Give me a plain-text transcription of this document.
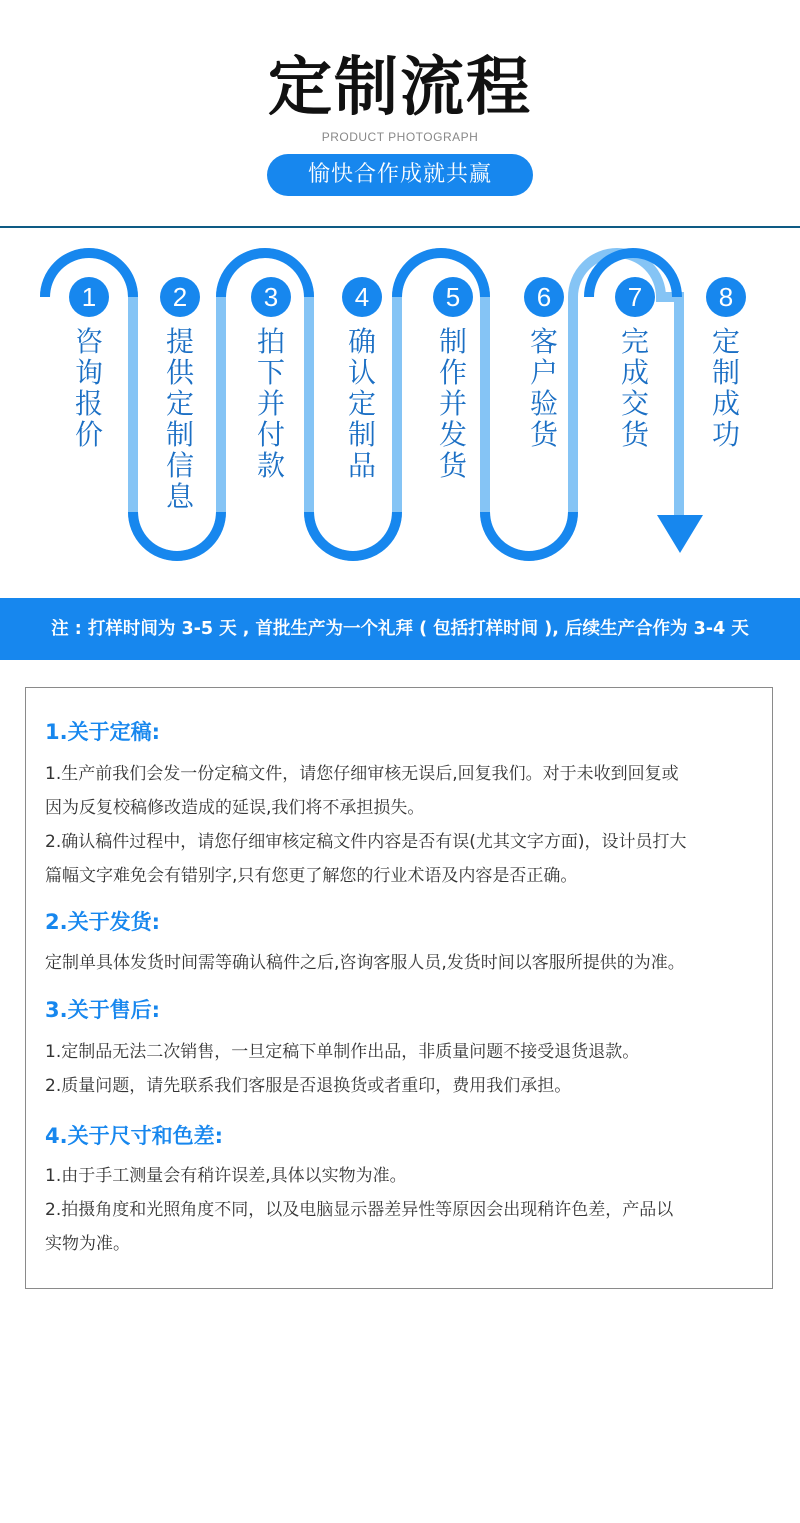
定制流程
PRODUCT PHOTOGRAPH
愉快合作成就共赢
1
咨询报价
2
提供定制信息
3
拍下并付款
4
确认定制品
5
制作并发货
6
客户验货
7
完成交货
8
定制成功
注 : 打样时间为 3-5 天 , 首批生产为一个礼拜 ( 包括打样时间 ), 后续生产合作为 3-4 天
1.关于定稿:
1.生产前我们会发一份定稿文件，请您仔细审核无误后,回复我们。对于未收到回复或
因为反复校稿修改造成的延误,我们将不承担损失。
2.确认稿件过程中，请您仔细审核定稿文件内容是否有误(尤其文字方面)，设计员打大
篇幅文字难免会有错别字,只有您更了解您的行业术语及内容是否正确。
2.关于发货:
定制单具体发货时间需等确认稿件之后,咨询客服人员,发货时间以客服所提供的为准。
3.关于售后:
1.定制品无法二次销售，一旦定稿下单制作出品，非质量问题不接受退货退款。
2.质量问题，请先联系我们客服是否退换货或者重印，费用我们承担。
4.关于尺寸和色差:
1.由于手工测量会有稍许误差,具体以实物为准。
2.拍摄角度和光照角度不同，以及电脑显示器差异性等原因会出现稍许色差，产品以
实物为准。
